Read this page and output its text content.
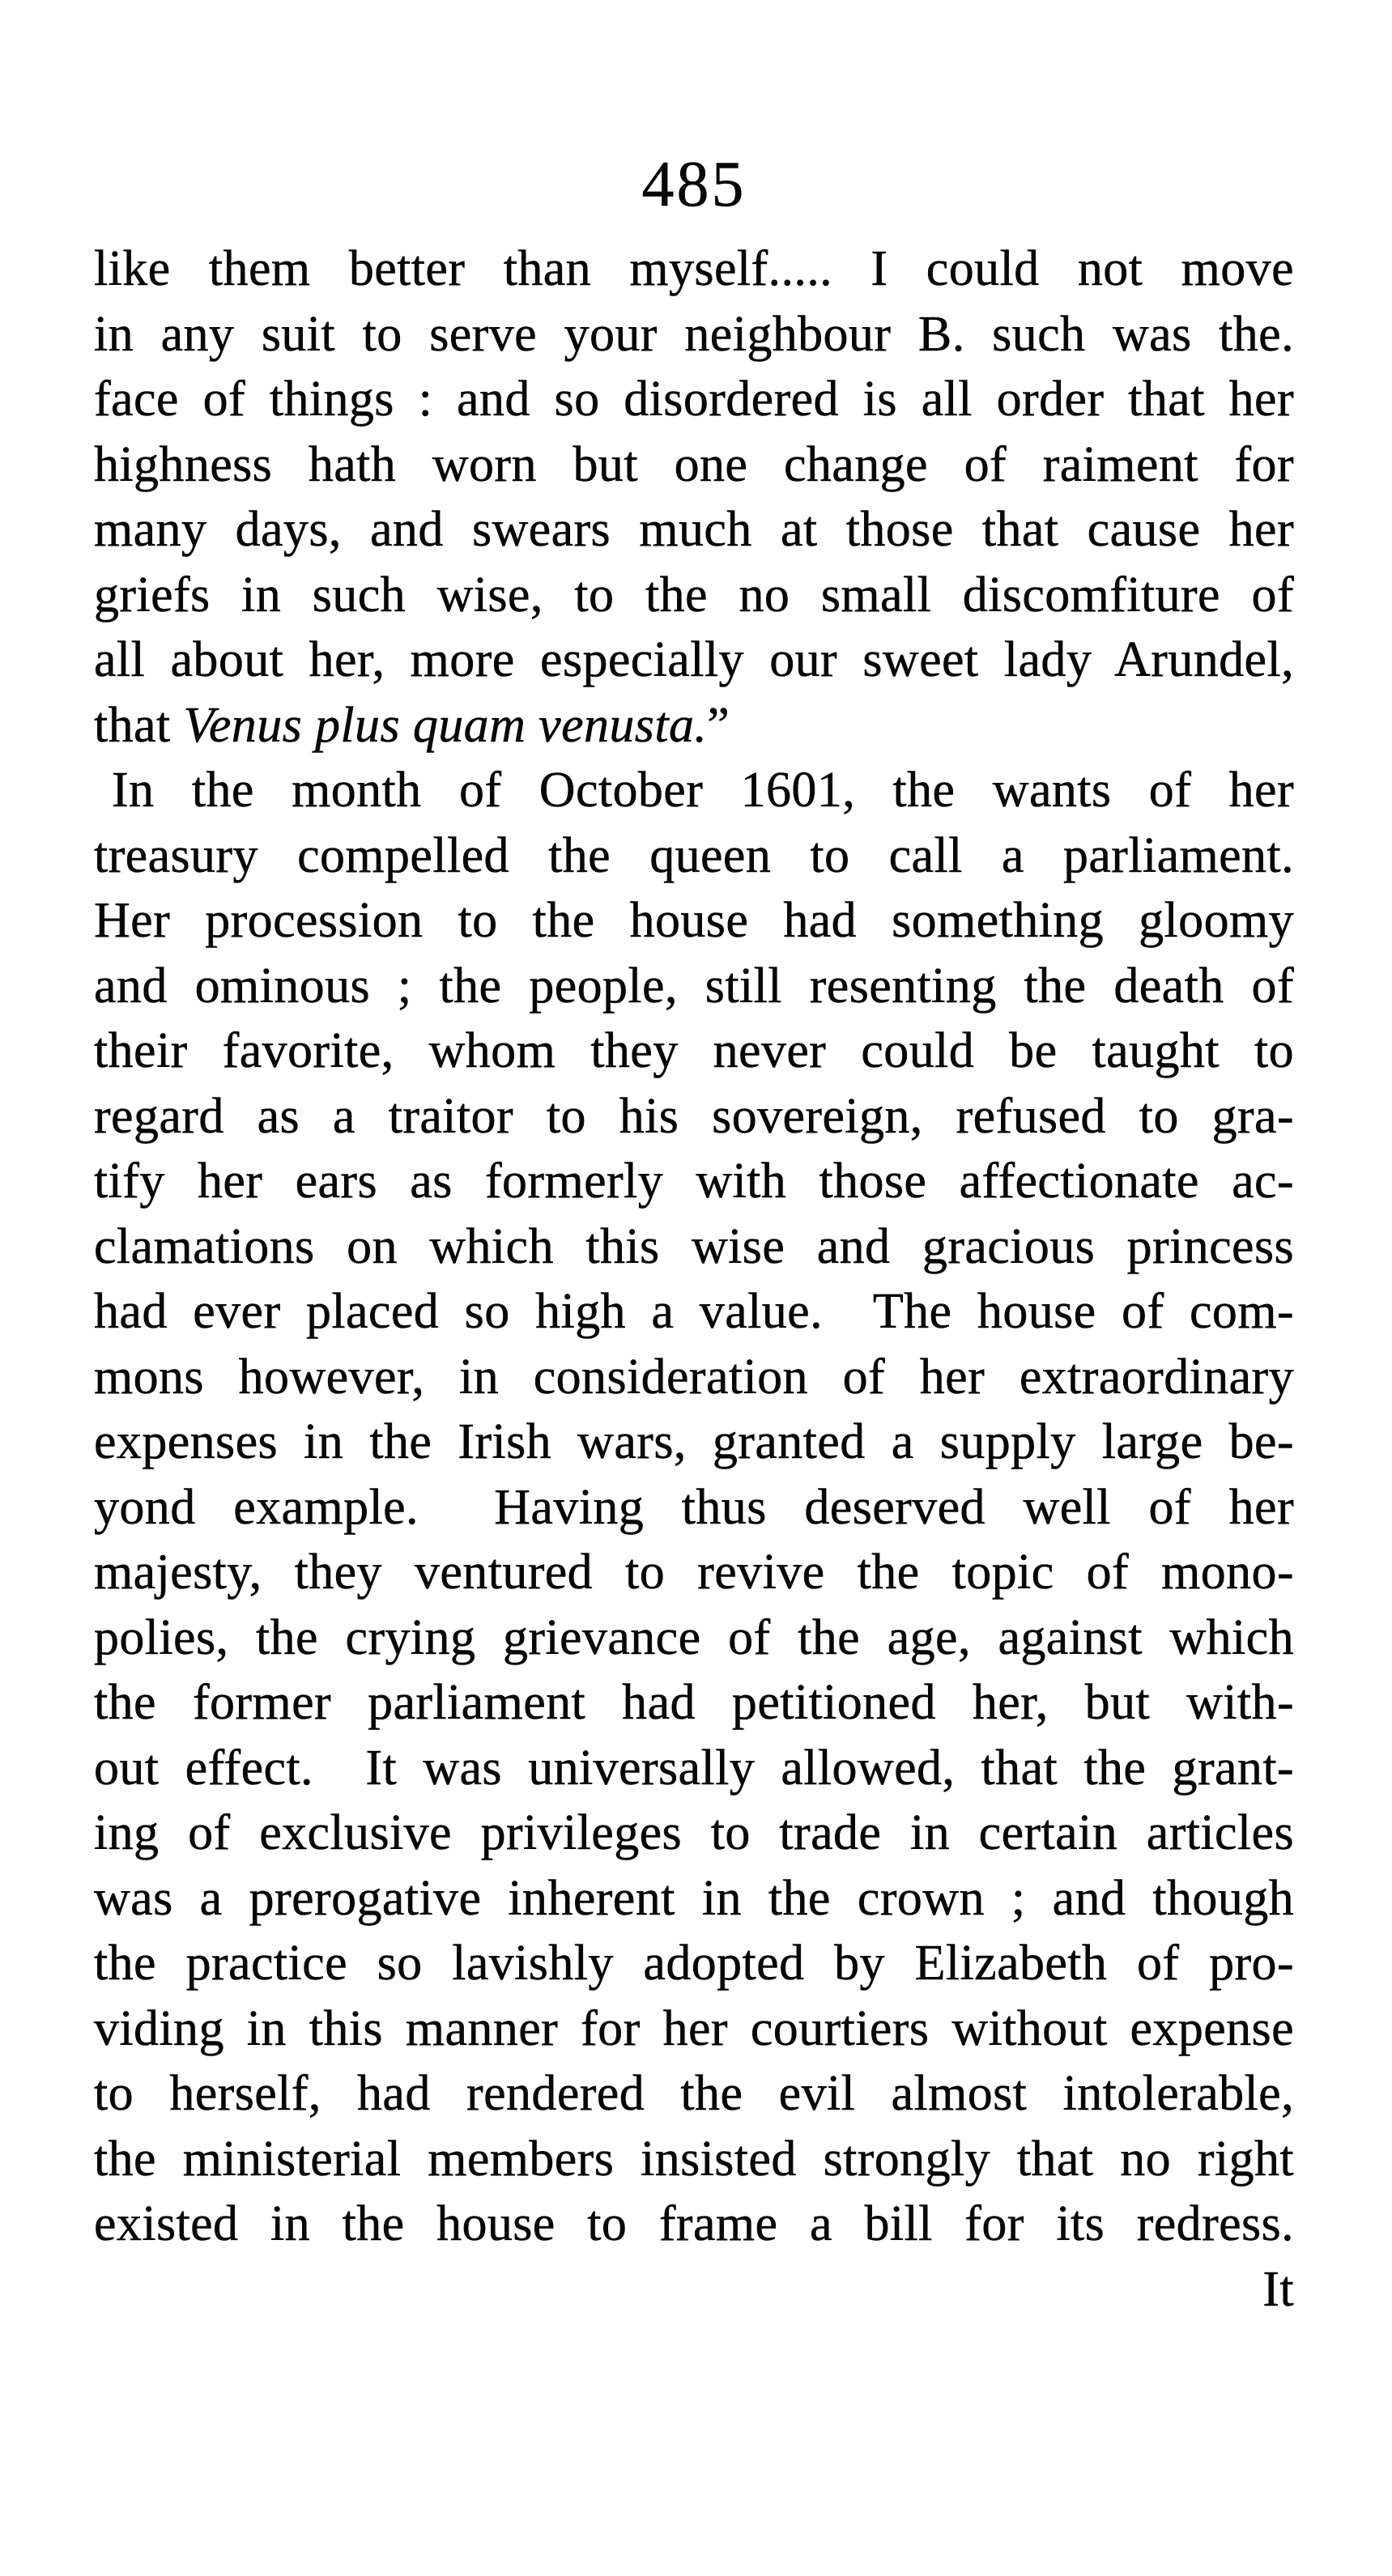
485
like them better than myself..... I could not move
in any suit to serve your neighbour B. such was the.
face of things : and so disordered is all order that her
highness hath worn but one change of raiment for
many days, and swears much at those that cause her
griefs in such wise, to the no small discomfiture of
all about her, more especially our sweet lady Arundel,
that Venus plus quam venusta.”
In the month of October 1601, the wants of her
treasury compelled the queen to call a parliament.
Her procession to the house had something gloomy
and ominous ; the people, still resenting the death of
their favorite, whom they never could be taught to
regard as a traitor to his sovereign, refused to gra-
tify her ears as formerly with those affectionate ac-
clamations on which this wise and gracious princess
had ever placed so high a value.  The house of com-
mons however, in consideration of her extraordinary
expenses in the Irish wars, granted a supply large be-
yond example.  Having thus deserved well of her
majesty, they ventured to revive the topic of mono-
polies, the crying grievance of the age, against which
the former parliament had petitioned her, but with-
out effect.  It was universally allowed, that the grant-
ing of exclusive privileges to trade in certain articles
was a prerogative inherent in the crown ; and though
the practice so lavishly adopted by Elizabeth of pro-
viding in this manner for her courtiers without expense
to herself, had rendered the evil almost intolerable,
the ministerial members insisted strongly that no right
existed in the house to frame a bill for its redress.
It
